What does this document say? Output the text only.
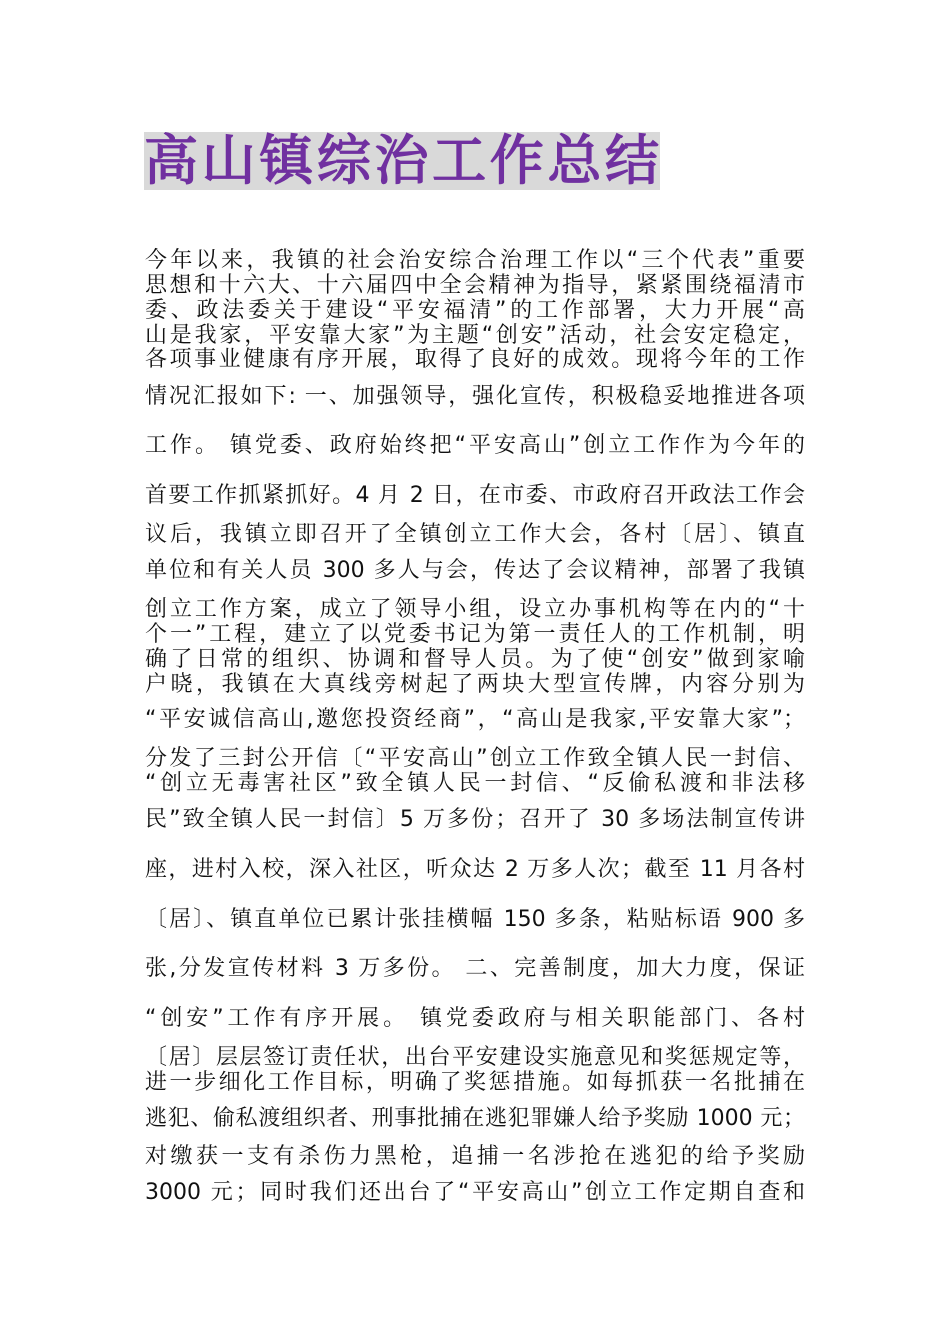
高山镇综治工作总结
今年以来，我镇的社会治安综合治理工作以“三个代表”重要
思想和十六大、十六届四中全会精神为指导，紧紧围绕福清市
委、政法委关于建设“平安福清”的工作部署，大力开展“高
山是我家，平安靠大家”为主题“创安”活动，社会安定稳定，
各项事业健康有序开展，取得了良好的成效。现将今年的工作
情况汇报如下: 一、加强领导，强化宣传，积极稳妥地推进各项
工作。 镇党委、政府始终把“平安高山”创立工作作为今年的
首要工作抓紧抓好。4 月 2 日，在市委、市政府召开政法工作会
议后，我镇立即召开了全镇创立工作大会，各村〔居〕、镇直
单位和有关人员 300 多人与会，传达了会议精神，部署了我镇
创立工作方案，成立了领导小组，设立办事机构等在内的“十
个一”工程，建立了以党委书记为第一责任人的工作机制，明
确了日常的组织、协调和督导人员。为了使“创安”做到家喻
户晓，我镇在大真线旁树起了两块大型宣传牌，内容分别为
“平安诚信高山,邀您投资经商”，“高山是我家,平安靠大家”；
分发了三封公开信〔“平安高山”创立工作致全镇人民一封信、
“创立无毒害社区”致全镇人民一封信、“反偷私渡和非法移
民”致全镇人民一封信〕5 万多份；召开了 30 多场法制宣传讲
座，进村入校，深入社区，听众达 2 万多人次；截至 11 月各村
〔居〕、镇直单位已累计张挂横幅 150 多条，粘贴标语 900 多
张,分发宣传材料 3 万多份。 二、完善制度，加大力度，保证
“创安”工作有序开展。 镇党委政府与相关职能部门、各村
〔居〕层层签订责任状，出台平安建设实施意见和奖惩规定等，
进一步细化工作目标，明确了奖惩措施。如每抓获一名批捕在
逃犯、偷私渡组织者、刑事批捕在逃犯罪嫌人给予奖励 1000 元；
对缴获一支有杀伤力黑枪，追捕一名涉抢在逃犯的给予奖励
3000 元；同时我们还出台了“平安高山”创立工作定期自查和
